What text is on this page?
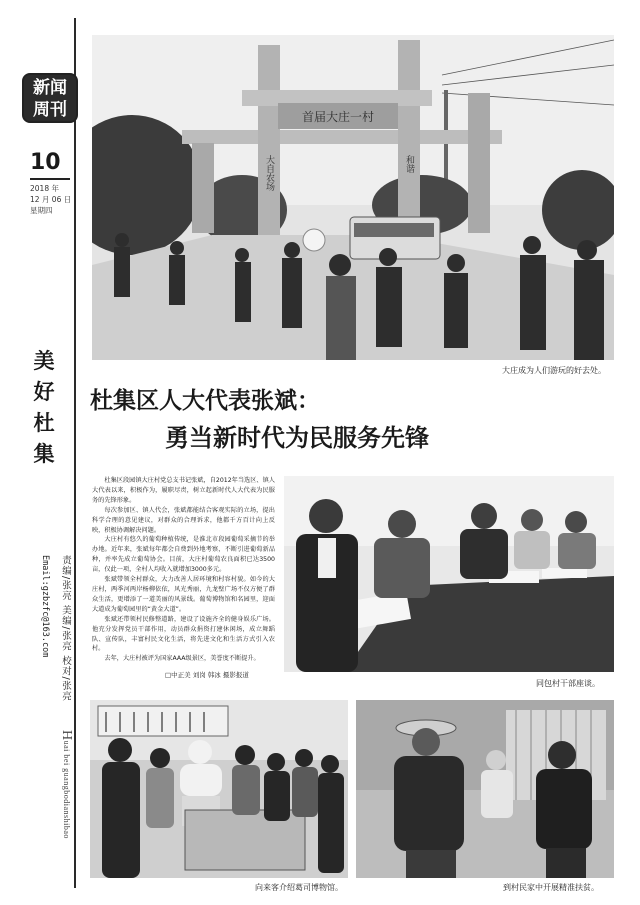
新闻
周刊
10
2018 年
12 月 06 日
星期四
美
好
杜
集
责编/张亮 美编/张亮 校对/张亮
Email:gzbzfc@163.com
Huai bei guangbodianshibao
首届大庄一村
大自农场	和谐
大庄成为人们游玩的好去处。
杜集区人大代表张斌：
勇当新时代为民服务先锋

杜集区段园镇大庄村党总支书记张斌，自2012年当选区、镇人大代表以来，积极作为，履职尽责，树立起新时代人大代表为民服务的先锋形象。

每次参加区、镇人代会，张斌都能结合客观实际的立场，提出科学合理的意见建议，对群众的合理诉求，他都千方百计向上反映，积极协调解决问题。

大庄村有悠久的葡萄种植传统，是淮北市段园葡萄采摘节的举办地。近年来，张斌每年都会自费到外地考察，不断引进葡萄新品种，并率先成立葡萄协会。目前，大庄村葡萄农良面积已达3500亩，仅此一项，全村人均收入就增加3000多元。

张斌带领全村群众，大力改善人居环境和村容村貌。如今的大庄村，两季河两岸杨柳依依，风光秀丽，九龙壁广场不仅方便了群众生活，更增添了一道美丽的风景线。葡萄博物馆和名园里，迎面大道成为葡萄园里的“黄金大道”。

张斌还带领村民修整道路，建设了设施齐全的健身娱乐广场。他充分发挥党员干部作用，动员群众捐资打建休闲场，成立舞蹈队、宣传队，丰富村民文化生活，将先进文化和生活方式引入农村。

去年，大庄村被评为国家AAA级景区，美誉度不断提升。

□中正美 刘岗 韩冰 摄影报道
同包村干部座谈。
向来客介绍葛司博物馆。	到村民家中开展精准扶贫。
